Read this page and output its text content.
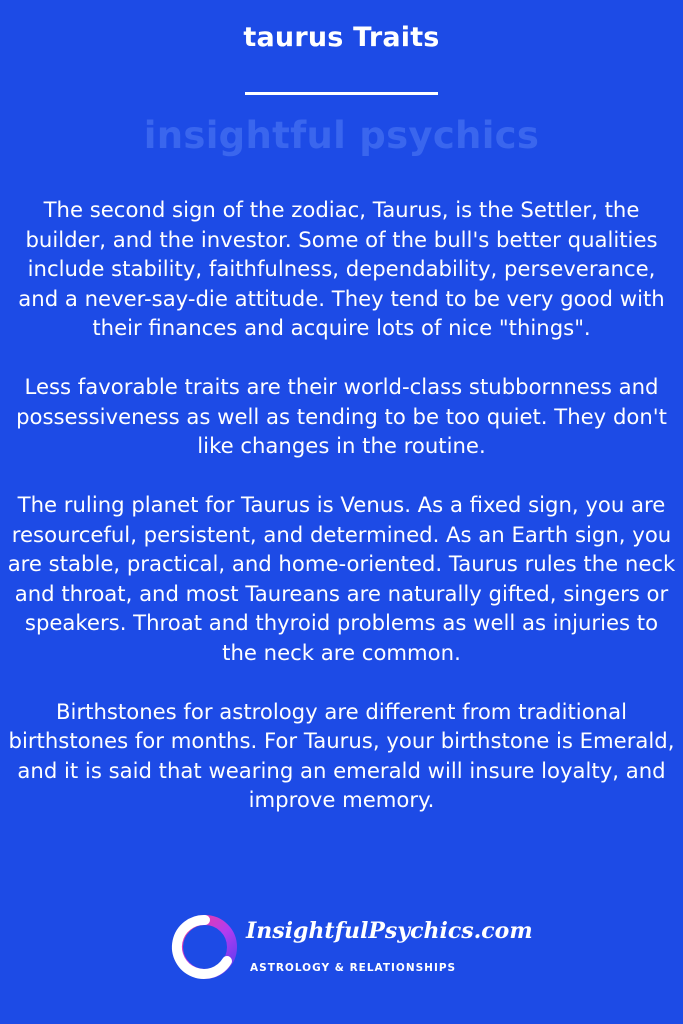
taurus Traits
insightful psychics

The second sign of the zodiac, Taurus, is the Settler, the builder, and the investor. Some of the bull's better qualities include stability, faithfulness, dependability, perseverance, and a never-say-die attitude. They tend to be very good with their finances and acquire lots of nice "things".

Less favorable traits are their world-class stubbornness and possessiveness as well as tending to be too quiet. They don't like changes in the routine.

The ruling planet for Taurus is Venus. As a fixed sign, you are resourceful, persistent, and determined. As an Earth sign, you are stable, practical, and home-oriented. Taurus rules the neck and throat, and most Taureans are naturally gifted, singers or speakers. Throat and thyroid problems as well as injuries to the neck are common.

Birthstones for astrology are different from traditional birthstones for months. For Taurus, your birthstone is Emerald, and it is said that wearing an emerald will insure loyalty, and improve memory.

InsightfulPsychics.com
ASTROLOGY & RELATIONSHIPS
